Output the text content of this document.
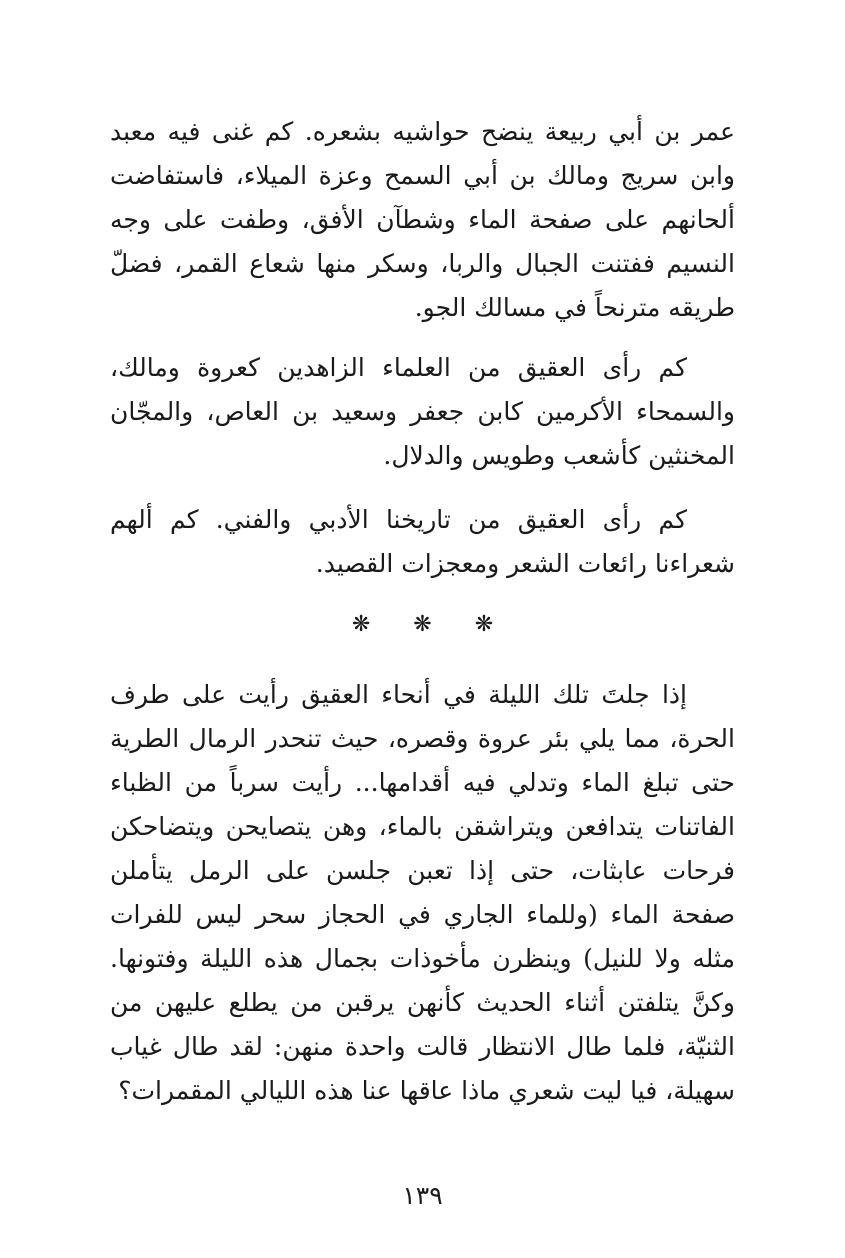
عمر بن أبي ربيعة ينضح حواشيه بشعره. كم غنى فيه معبد وابن سريج ومالك بن أبي السمح وعزة الميلاء، فاستفاضت ألحانهم على صفحة الماء وشطآن الأفق، وطفت على وجه النسيم ففتنت الجبال والربا، وسكر منها شعاع القمر، فضلّ طريقه مترنحاً في مسالك الجو.

كم رأى العقيق من العلماء الزاهدين كعروة ومالك، والسمحاء الأكرمين كابن جعفر وسعيد بن العاص، والمجّان المخنثين كأشعب وطويس والدلال.

كم رأى العقيق من تاريخنا الأدبي والفني. كم ألهم شعراءنا رائعات الشعر ومعجزات القصيد.

❋ ❋ ❋

إذا جلتَ تلك الليلة في أنحاء العقيق رأيت على طرف الحرة، مما يلي بئر عروة وقصره، حيث تنحدر الرمال الطرية حتى تبلغ الماء وتدلي فيه أقدامها... رأيت سرباً من الظباء الفاتنات يتدافعن ويتراشقن بالماء، وهن يتصايحن ويتضاحكن فرحات عابثات، حتى إذا تعبن جلسن على الرمل يتأملن صفحة الماء (وللماء الجاري في الحجاز سحر ليس للفرات مثله ولا للنيل) وينظرن مأخوذات بجمال هذه الليلة وفتونها. وكنَّ يتلفتن أثناء الحديث كأنهن يرقبن من يطلع عليهن من الثنيّة، فلما طال الانتظار قالت واحدة منهن: لقد طال غياب سهيلة، فيا ليت شعري ماذا عاقها عنا هذه الليالي المقمرات؟

١٣٩
